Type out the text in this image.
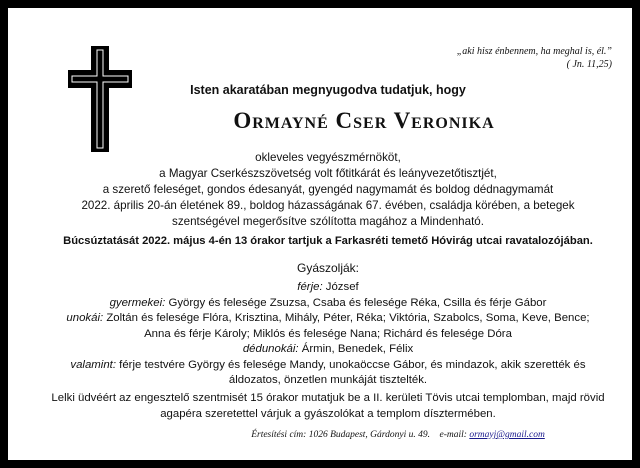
„aki hisz énbennem, ha meghal is, él.”
( Jn. 11,25)
Isten akaratában megnyugodva tudatjuk, hogy
Ormayné Cser Veronika
okleveles vegyészmérnököt,
a Magyar Cserkészszövetség volt főtitkárát és leányvezetőtisztjét,
a szerető feleséget, gondos édesanyát, gyengéd nagymamát és boldog dédnagymamát
2022. április 20-án életének 89., boldog házasságának 67. évében, családja körében, a betegek
szentségével megerősítve szólította magához a Mindenható.
Búcsúztatását 2022. május 4-én 13 órakor tartjuk a Farkasréti temető Hóvirág utcai ravatalozójában.
Gyászolják:
férje: József
gyermekei: György és felesége Zsuzsa, Csaba és felesége Réka, Csilla és férje Gábor
unokái: Zoltán és felesége Flóra, Krisztina, Mihály, Péter, Réka; Viktória, Szabolcs, Soma, Keve, Bence;
Anna és férje Károly; Miklós és felesége Nana; Richárd és felesége Dóra
dédunokái: Ármin, Benedek, Félix
valamint: férje testvére György és felesége Mandy, unokaöccse Gábor, és mindazok, akik szerették és
áldozatos, önzetlen munkáját tisztelték.
Lelki üdvéért az engesztelő szentmisét 15 órakor mutatjuk be a II. kerületi Tövis utcai templomban, majd rövid
agapéra szeretettel várjuk a gyászolókat a templom dísztermében.
Értesítési cím: 1026 Budapest, Gárdonyi u. 49. e-mail: ormayj@gmail.com
